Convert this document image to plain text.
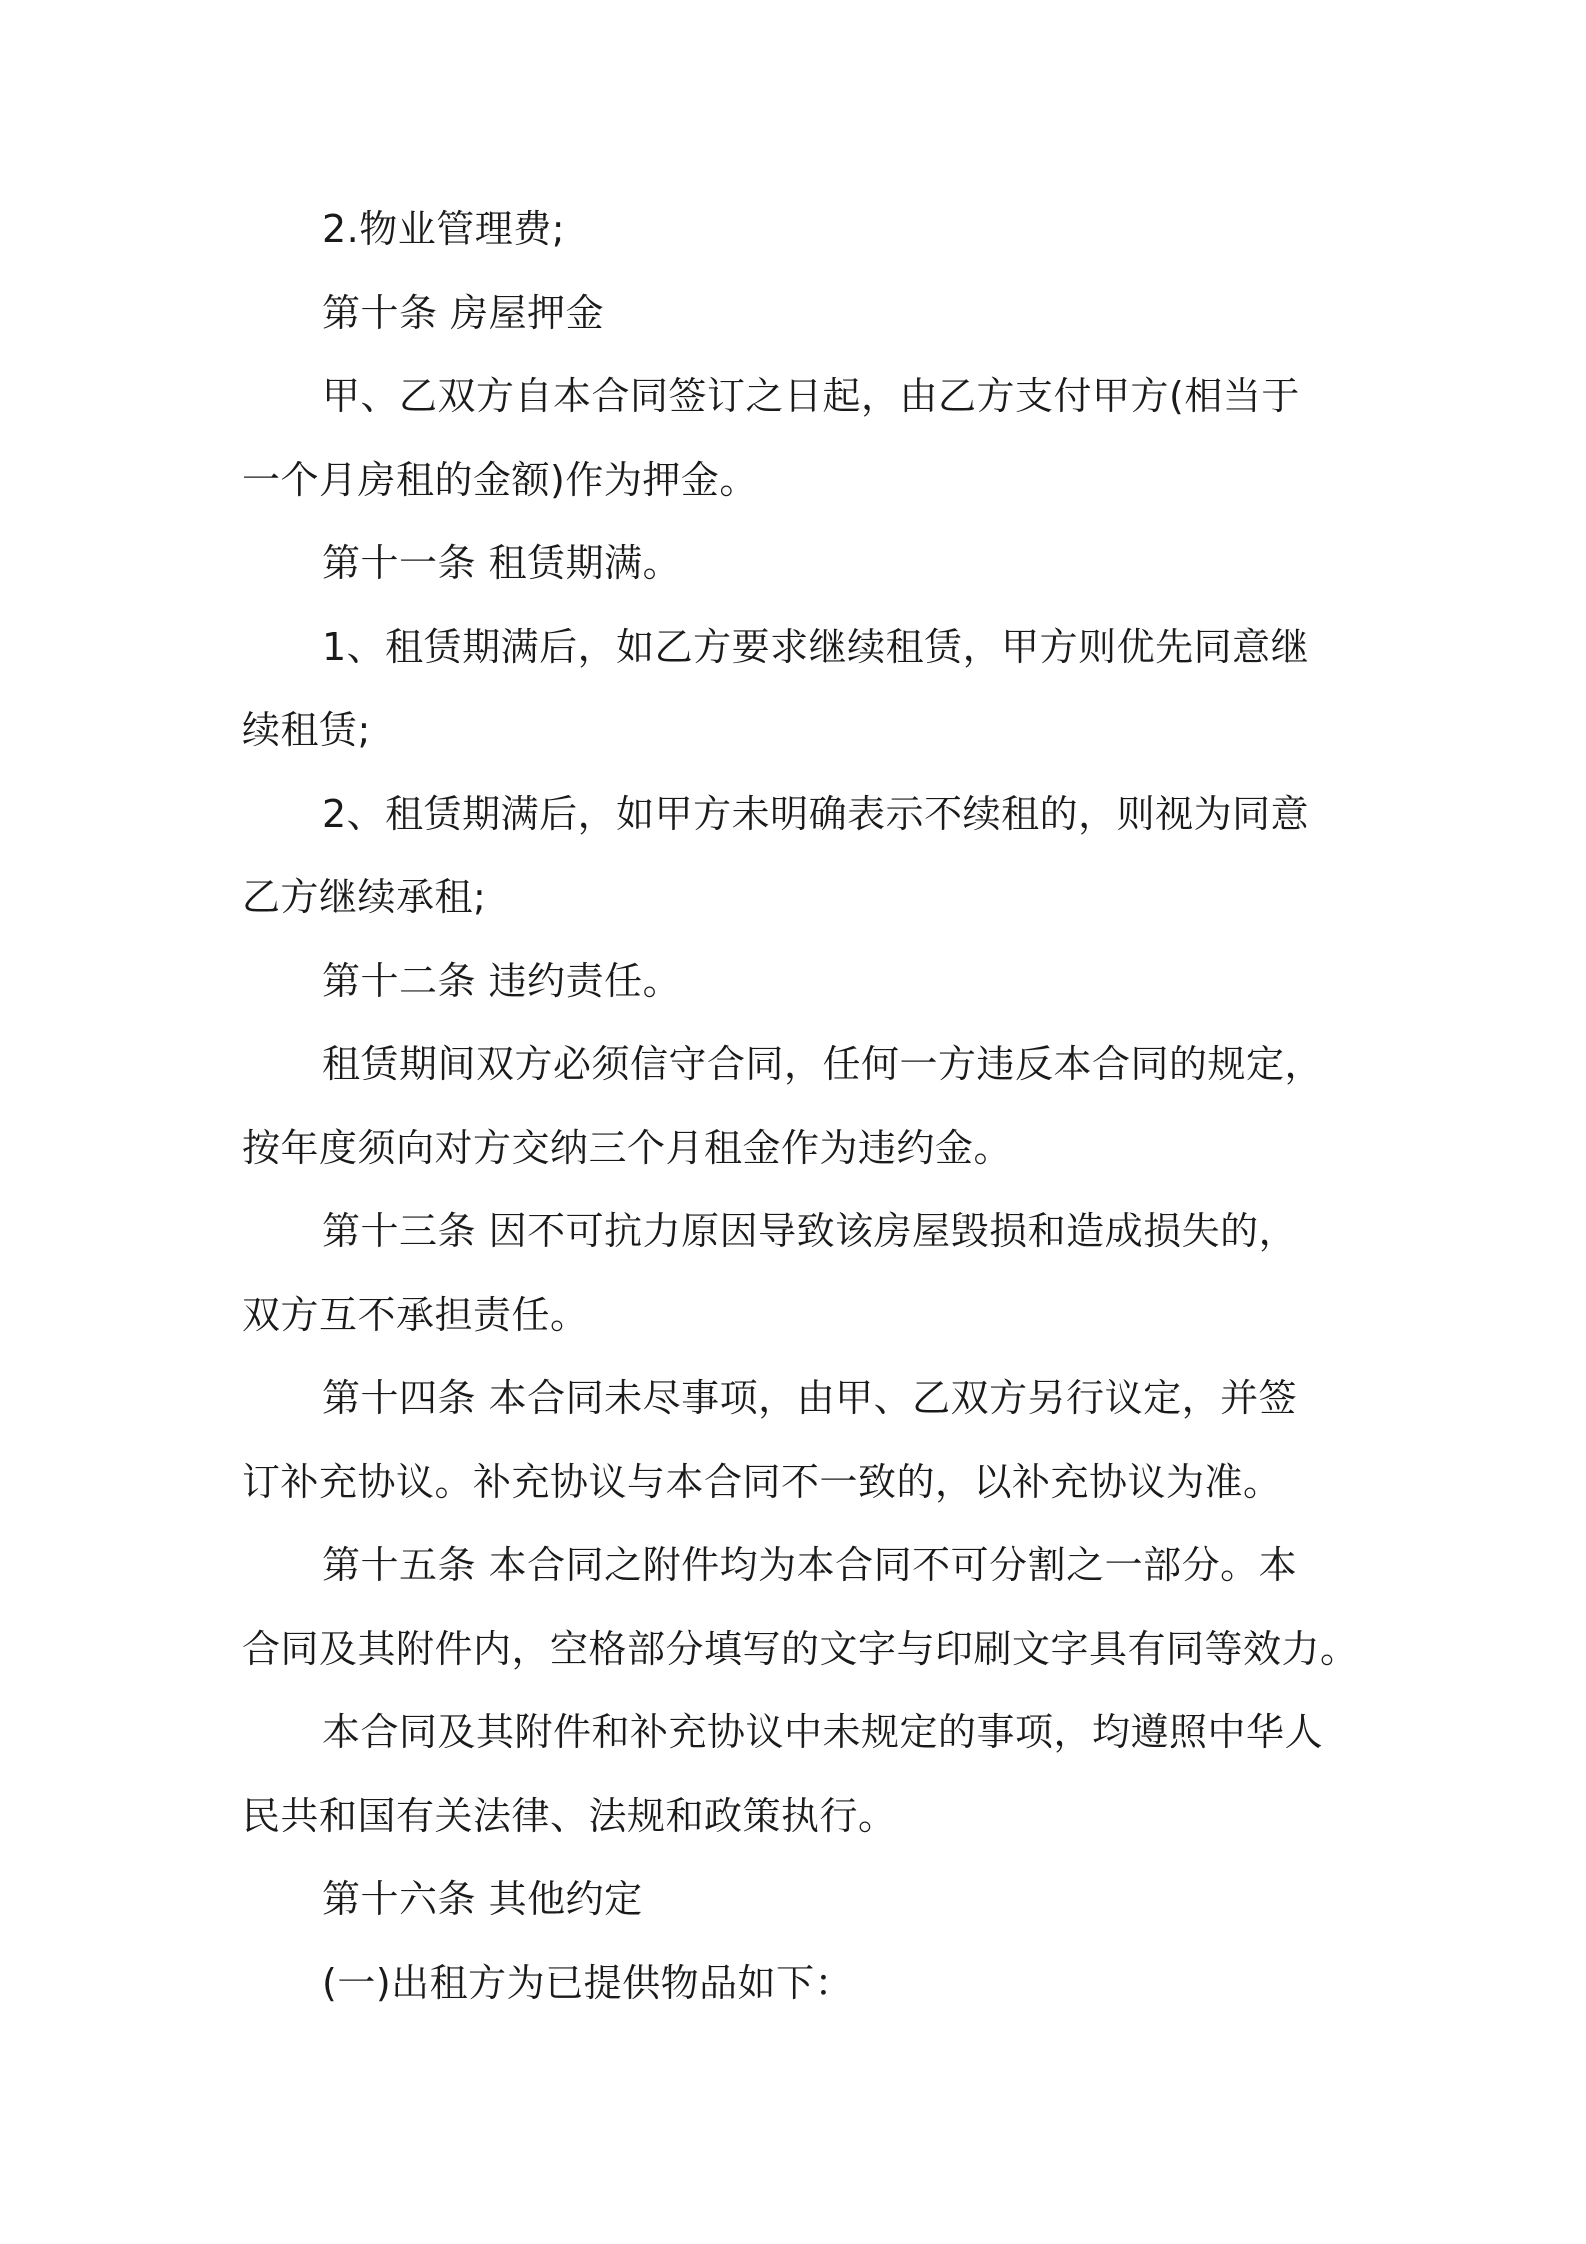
2.物业管理费;

第十条 房屋押金

甲、乙双方自本合同签订之日起，由乙方支付甲方(相当于

一个月房租的金额)作为押金。

第十一条 租赁期满。

1、租赁期满后，如乙方要求继续租赁，甲方则优先同意继

续租赁;

2、租赁期满后，如甲方未明确表示不续租的，则视为同意

乙方继续承租;

第十二条 违约责任。

租赁期间双方必须信守合同，任何一方违反本合同的规定，

按年度须向对方交纳三个月租金作为违约金。

第十三条 因不可抗力原因导致该房屋毁损和造成损失的，

双方互不承担责任。

第十四条 本合同未尽事项，由甲、乙双方另行议定，并签

订补充协议。补充协议与本合同不一致的，以补充协议为准。

第十五条 本合同之附件均为本合同不可分割之一部分。本

合同及其附件内，空格部分填写的文字与印刷文字具有同等效力。

本合同及其附件和补充协议中未规定的事项，均遵照中华人

民共和国有关法律、法规和政策执行。

第十六条 其他约定

(一)出租方为已提供物品如下：
